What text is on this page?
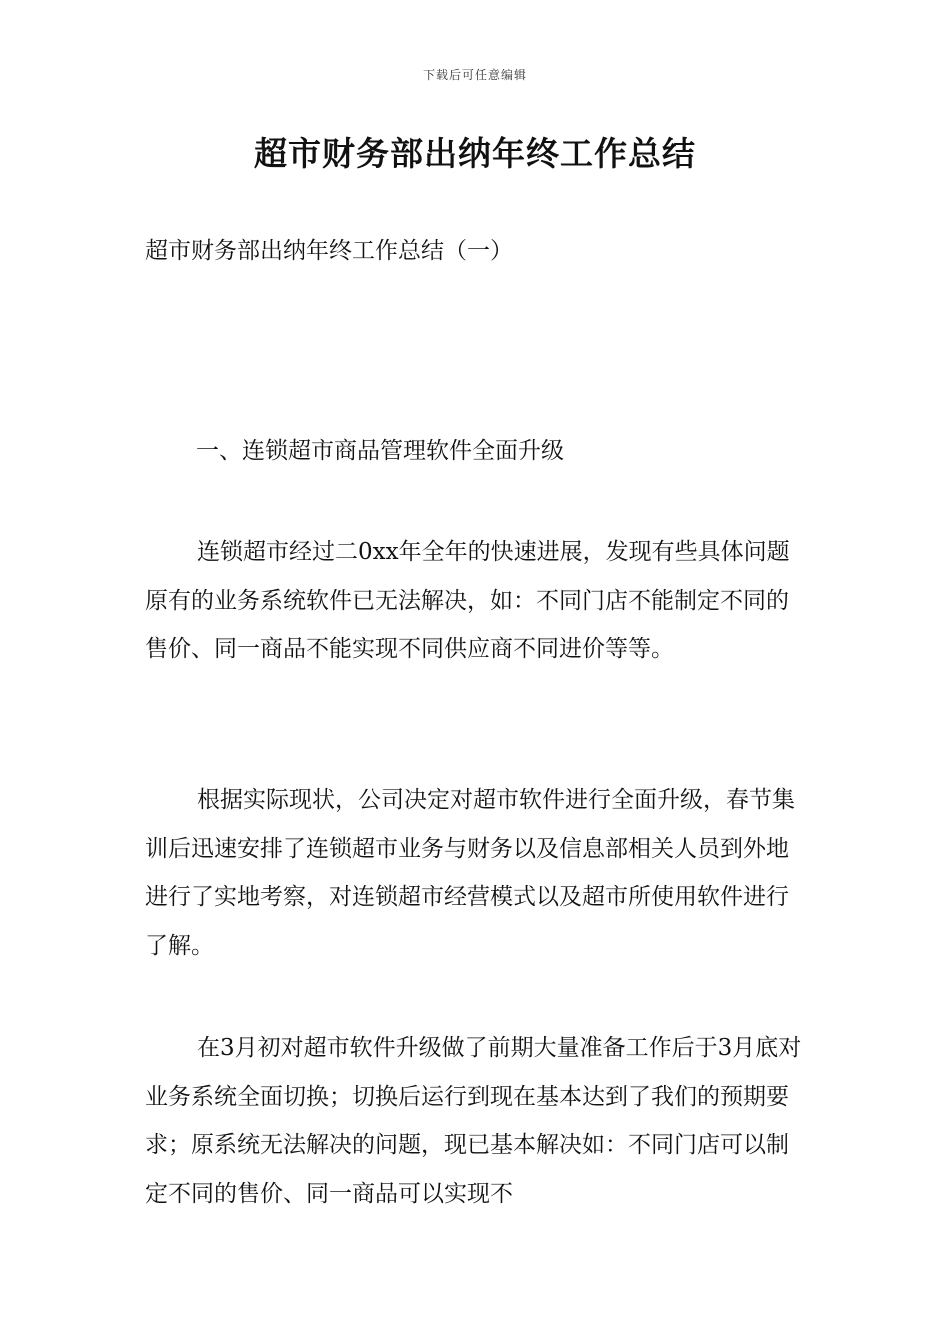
下载后可任意编辑
超市财务部出纳年终工作总结

超市财务部出纳年终工作总结（一）

一、连锁超市商品管理软件全面升级

连锁超市经过二0xx年全年的快速进展，发现有些具体问题原有的业务系统软件已无法解决，如：不同门店不能制定不同的售价、同一商品不能实现不同供应商不同进价等等。

根据实际现状，公司决定对超市软件进行全面升级，春节集训后迅速安排了连锁超市业务与财务以及信息部相关人员到外地进行了实地考察，对连锁超市经营模式以及超市所使用软件进行了解。

在3月初对超市软件升级做了前期大量准备工作后于3月底对业务系统全面切换；切换后运行到现在基本达到了我们的预期要求；原系统无法解决的问题，现已基本解决如：不同门店可以制定不同的售价、同一商品可以实现不
